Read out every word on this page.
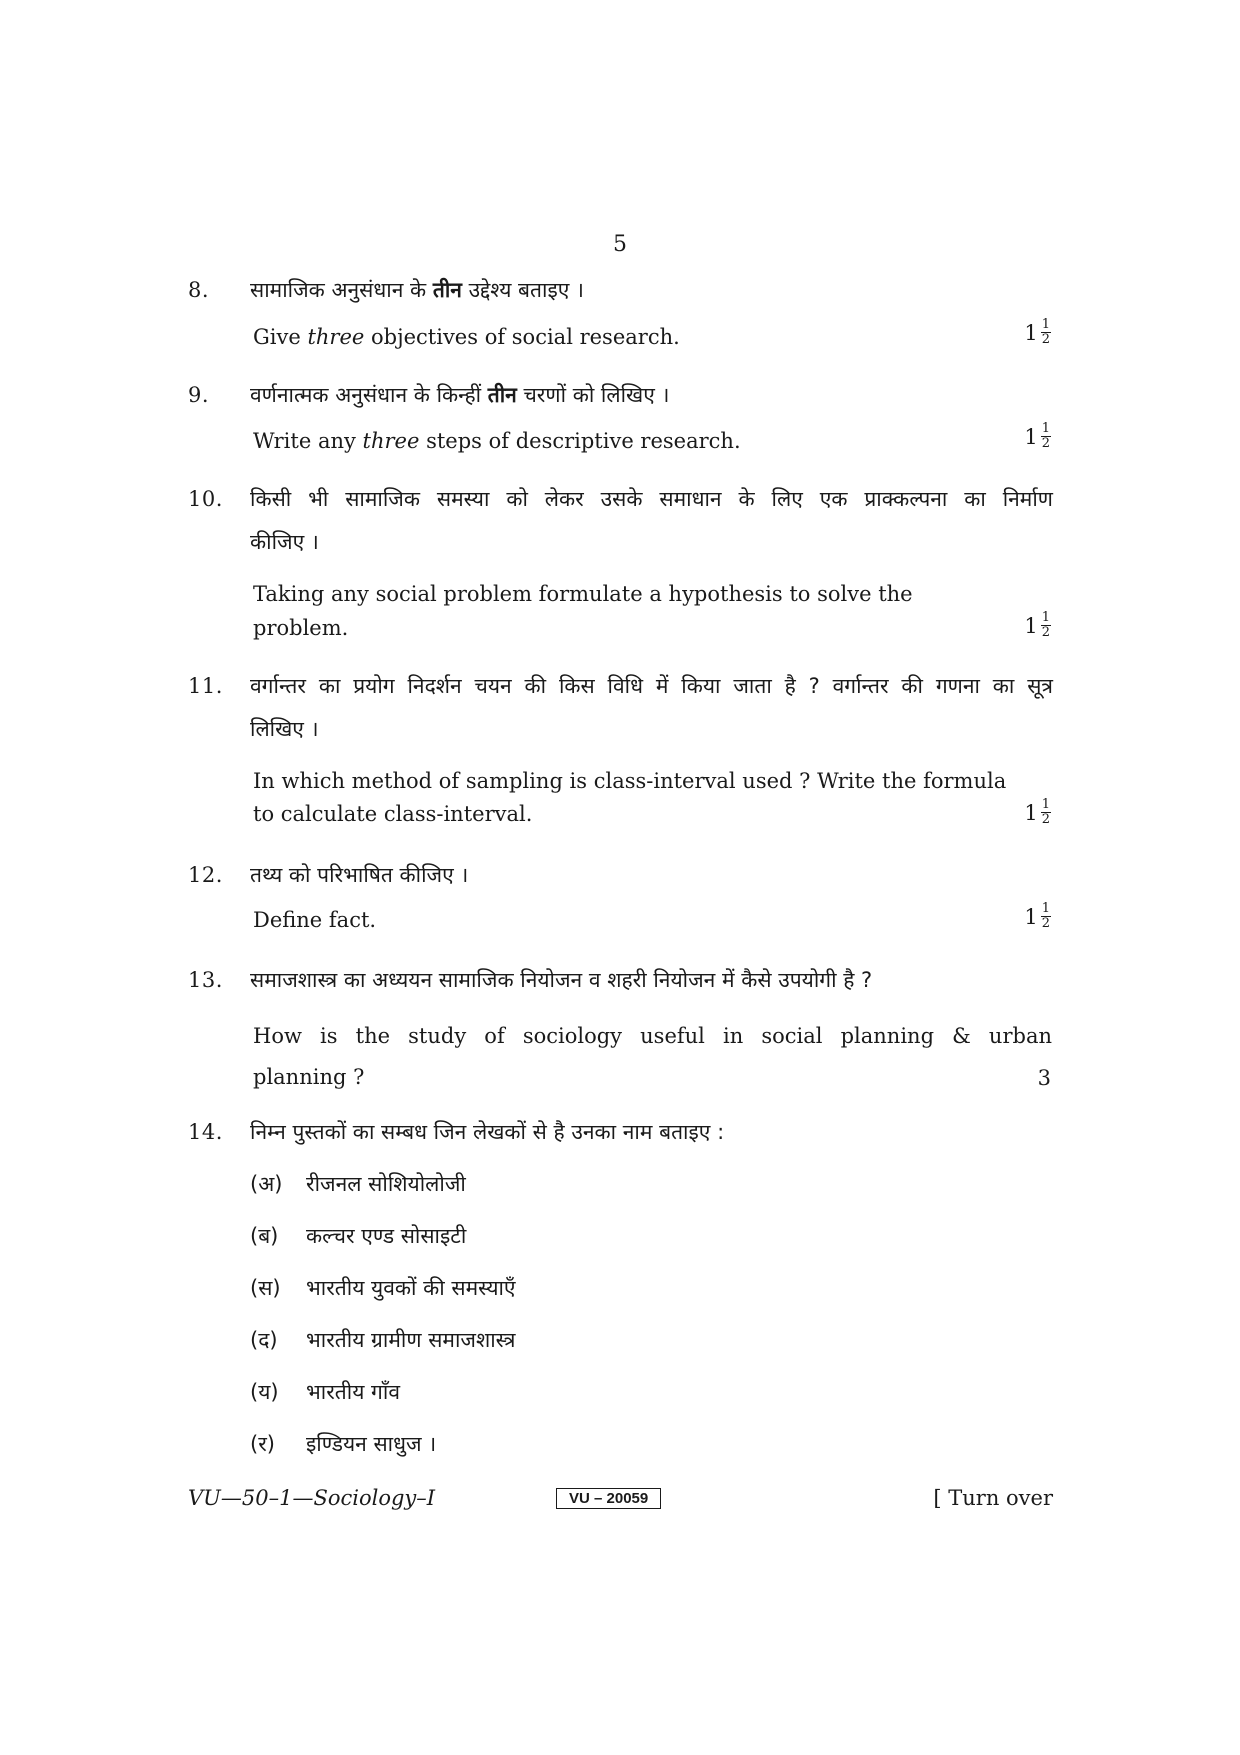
5
8. सामाजिक अनुसंधान के तीन उद्देश्य बताइए ।
Give three objectives of social research.	$1 \frac{1}{2}$
9. वर्णनात्मक अनुसंधान के किन्हीं तीन चरणों को लिखिए ।
Write any three steps of descriptive research.	$1 \frac{1}{2}$
10. किसी भी सामाजिक समस्या को लेकर उसके समाधान के लिए एक प्राक्कल्पना का निर्माण
कीजिए ।
Taking any social problem formulate a hypothesis to solve the
problem.	$1 \frac{1}{2}$
11. वर्गान्तर का प्रयोग निदर्शन चयन की किस विधि में किया जाता है ? वर्गान्तर की गणना का सूत्र
लिखिए ।
In which method of sampling is class-interval used ? Write the formula
to calculate class-interval.	$1 \frac{1}{2}$
12. तथ्य को परिभाषित कीजिए ।
Define fact.	$1 \frac{1}{2}$
13. समाजशास्त्र का अध्ययन सामाजिक नियोजन व शहरी नियोजन में कैसे उपयोगी है ?
How is the study of sociology useful in social planning & urban
planning ?	3
14. निम्न पुस्तकों का सम्बध जिन लेखकों से है उनका नाम बताइए :
(अ) रीजनल सोशियोलोजी
(ब) कल्चर एण्ड सोसाइटी
(स) भारतीय युवकों की समस्याएँ
(द) भारतीय ग्रामीण समाजशास्त्र
(य) भारतीय गाँव
(र) इण्डियन साधुज ।
VU—50–1—Sociology–I	VU – 20059	[ Turn over
